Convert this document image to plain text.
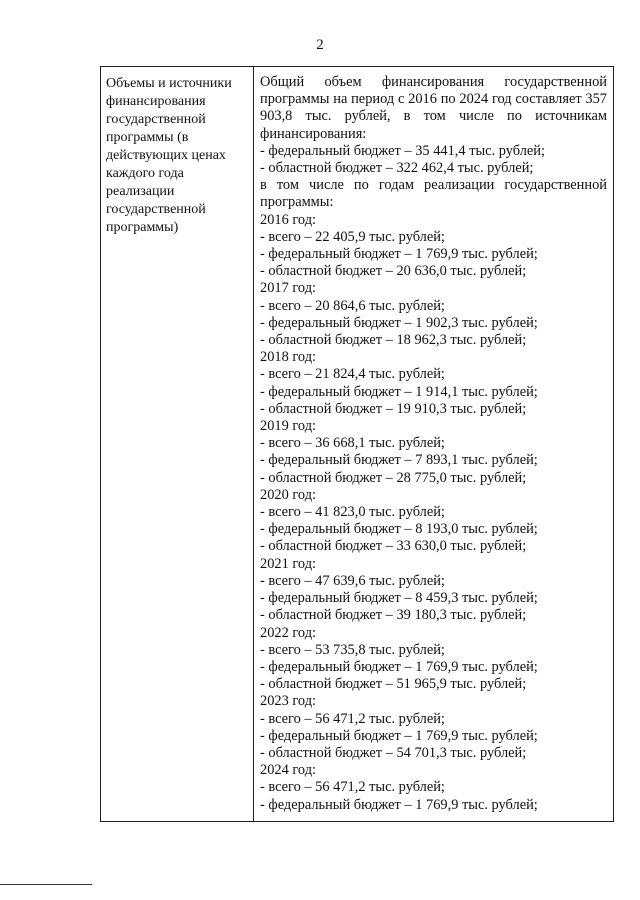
2
Объемы и источники финансирования государственной программы (в действующих ценах каждого года реализации государственной программы)

Общий объем финансирования государственной программы на период с 2016 по 2024 год составляет 357 903,8 тыс. рублей, в том числе по источникам финансирования:

- федеральный бюджет – 35 441,4 тыс. рублей;

- областной бюджет – 322 462,4 тыс. рублей;

в том числе по годам реализации государственной программы:

2016 год:

- всего – 22 405,9 тыс. рублей;

- федеральный бюджет – 1 769,9 тыс. рублей;

- областной бюджет – 20 636,0 тыс. рублей;

2017 год:

- всего – 20 864,6 тыс. рублей;

- федеральный бюджет – 1 902,3 тыс. рублей;

- областной бюджет – 18 962,3 тыс. рублей;

2018 год:

- всего – 21 824,4 тыс. рублей;

- федеральный бюджет – 1 914,1 тыс. рублей;

- областной бюджет – 19 910,3 тыс. рублей;

2019 год:

- всего – 36 668,1 тыс. рублей;

- федеральный бюджет – 7 893,1 тыс. рублей;

- областной бюджет – 28 775,0 тыс. рублей;

2020 год:

- всего – 41 823,0 тыс. рублей;

- федеральный бюджет – 8 193,0 тыс. рублей;

- областной бюджет – 33 630,0 тыс. рублей;

2021 год:

- всего – 47 639,6 тыс. рублей;

- федеральный бюджет – 8 459,3 тыс. рублей;

- областной бюджет – 39 180,3 тыс. рублей;

2022 год:

- всего – 53 735,8 тыс. рублей;

- федеральный бюджет – 1 769,9 тыс. рублей;

- областной бюджет – 51 965,9 тыс. рублей;

2023 год:

- всего – 56 471,2 тыс. рублей;

- федеральный бюджет – 1 769,9 тыс. рублей;

- областной бюджет – 54 701,3 тыс. рублей;

2024 год:

- всего – 56 471,2 тыс. рублей;

- федеральный бюджет – 1 769,9 тыс. рублей;
